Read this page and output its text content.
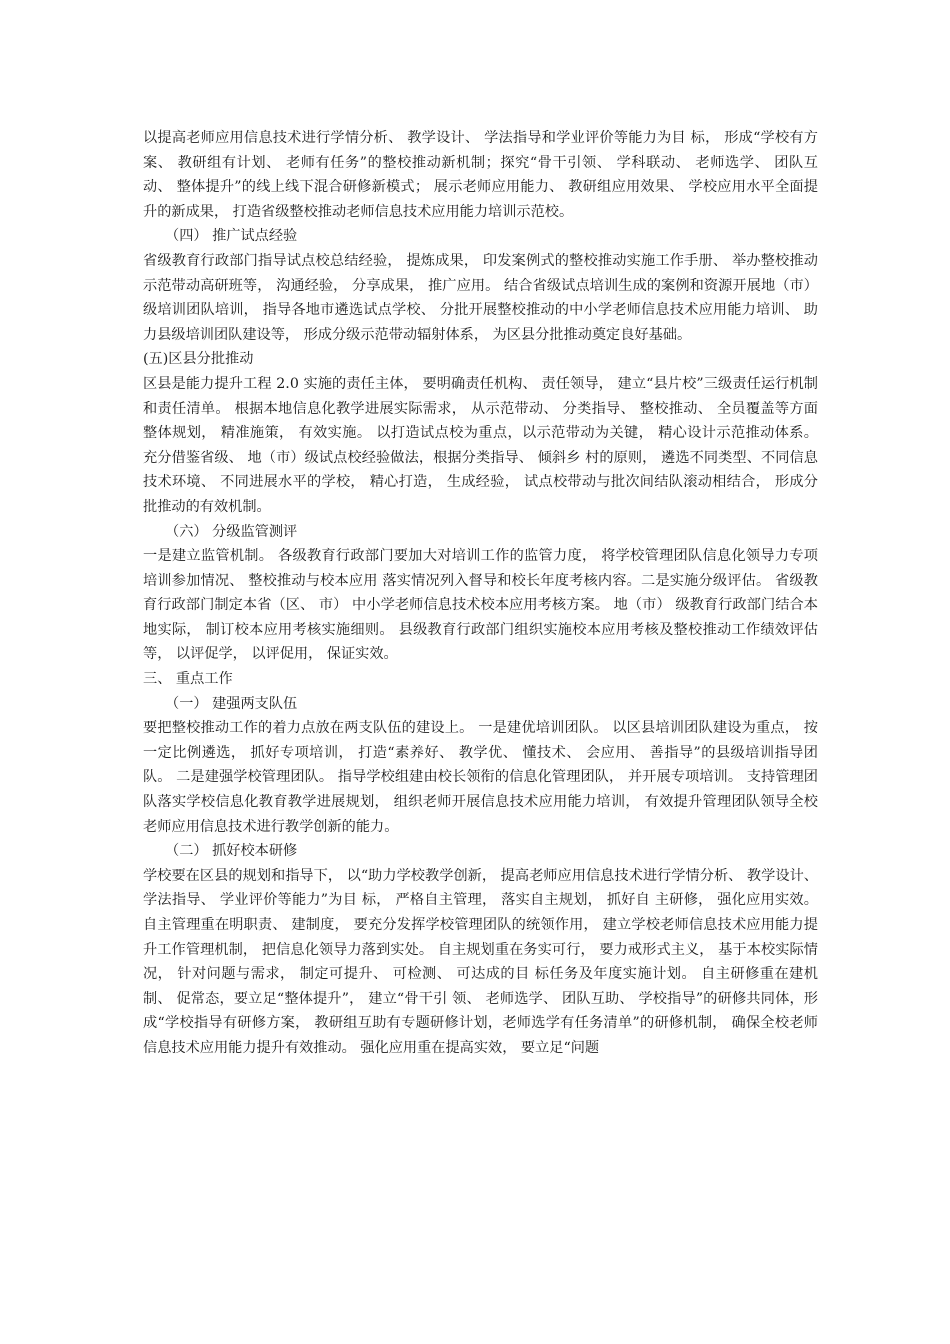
以提高老师应用信息技术进行学情分析、 教学设计、 学法指导和学业评价等能力为目 标， 形成“学校有方案、 教研组有计划、 老师有任务”的整校推动新机制；探究“骨干引领、 学科联动、 老师选学、 团队互动、 整体提升”的线上线下混合研修新模式； 展示老师应用能力、 教研组应用效果、 学校应用水平全面提升的新成果， 打造省级整校推动老师信息技术应用能力培训示范校。

（四） 推广试点经验

省级教育行政部门指导试点校总结经验， 提炼成果， 印发案例式的整校推动实施工作手册、 举办整校推动示范带动高研班等， 沟通经验， 分享成果， 推广应用。 结合省级试点培训生成的案例和资源开展地（市） 级培训团队培训， 指导各地市遴选试点学校、 分批开展整校推动的中小学老师信息技术应用能力培训、 助力县级培训团队建设等， 形成分级示范带动辐射体系， 为区县分批推动奠定良好基础。

(五)区县分批推动

区县是能力提升工程 2.0 实施的责任主体， 要明确责任机构、 责任领导， 建立“县片校”三级责任运行机制和责任清单。 根据本地信息化教学进展实际需求， 从示范带动、 分类指导、 整校推动、 全员覆盖等方面整体规划， 精准施策， 有效实施。 以打造试点校为重点，以示范带动为关键， 精心设计示范推动体系。 充分借鉴省级、 地（市）级试点校经验做法，根据分类指导、 倾斜乡 村的原则， 遴选不同类型、不同信息技术环境、 不同进展水平的学校， 精心打造， 生成经验， 试点校带动与批次间结队滚动相结合， 形成分批推动的有效机制。

（六） 分级监管测评

一是建立监管机制。 各级教育行政部门要加大对培训工作的监管力度， 将学校管理团队信息化领导力专项培训参加情况、 整校推动与校本应用 落实情况列入督导和校长年度考核内容。二是实施分级评估。 省级教育行政部门制定本省（区、 市） 中小学老师信息技术校本应用考核方案。 地（市） 级教育行政部门结合本地实际， 制订校本应用考核实施细则。 县级教育行政部门组织实施校本应用考核及整校推动工作绩效评估等， 以评促学， 以评促用， 保证实效。

三、 重点工作

（一） 建强两支队伍

要把整校推动工作的着力点放在两支队伍的建设上。 一是建优培训团队。 以区县培训团队建设为重点， 按一定比例遴选， 抓好专项培训， 打造“素养好、 教学优、 懂技术、 会应用、 善指导”的县级培训指导团队。 二是建强学校管理团队。 指导学校组建由校长领衔的信息化管理团队， 并开展专项培训。 支持管理团队落实学校信息化教育教学进展规划， 组织老师开展信息技术应用能力培训， 有效提升管理团队领导全校老师应用信息技术进行教学创新的能力。

（二） 抓好校本研修

学校要在区县的规划和指导下， 以“助力学校教学创新， 提高老师应用信息技术进行学情分析、 教学设计、 学法指导、 学业评价等能力”为目 标， 严格自主管理， 落实自主规划， 抓好自 主研修， 强化应用实效。 自主管理重在明职责、 建制度， 要充分发挥学校管理团队的统领作用， 建立学校老师信息技术应用能力提升工作管理机制， 把信息化领导力落到实处。 自主规划重在务实可行， 要力戒形式主义， 基于本校实际情况， 针对问题与需求， 制定可提升、 可检测、 可达成的目 标任务及年度实施计划。 自主研修重在建机制、 促常态，要立足“整体提升”， 建立“骨干引 领、 老师选学、 团队互助、 学校指导”的研修共同体，形成“学校指导有研修方案， 教研组互助有专题研修计划，老师选学有任务清单”的研修机制， 确保全校老师信息技术应用能力提升有效推动。 强化应用重在提高实效， 要立足“问题
